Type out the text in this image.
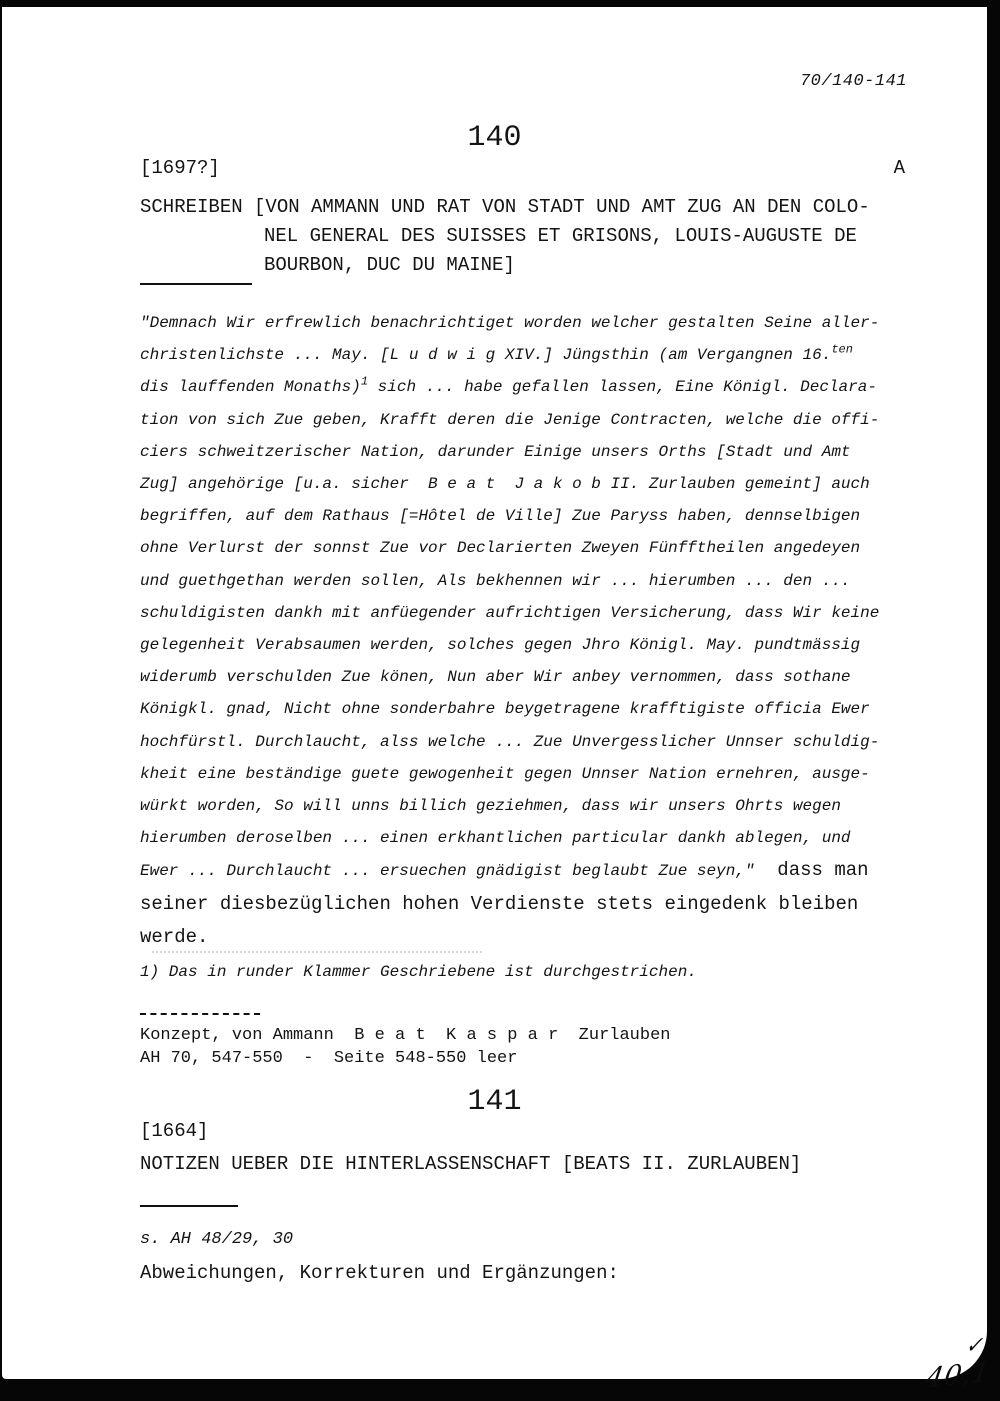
70/140-141
140
[1697?]	A
SCHREIBEN [VON AMMANN UND RAT VON STADT UND AMT ZUG AN DEN COLO-
NEL GENERAL DES SUISSES ET GRISONS, LOUIS-AUGUSTE DE
BOURBON, DUC DU MAINE]
"Demnach Wir erfrewlich benachrichtiget worden welcher gestalten Seine aller-
christenlichste ... May. [L u d w i g XIV.] Jüngsthin (am Vergangnen 16.$^{ten}$
dis lauffenden Monaths)$^1$ sich ... habe gefallen lassen, Eine Königl. Declara-
tion von sich Zue geben, Krafft deren die Jenige Contracten, welche die offi-
ciers schweitzerischer Nation, darunder Einige unsers Orths [Stadt und Amt
Zug] angehörige [u.a. sicher  B e a t  J a k o b II. Zurlauben gemeint] auch
begriffen, auf dem Rathaus [=Hôtel de Ville] Zue Paryss haben, dennselbigen
ohne Verlurst der sonnst Zue vor Declarierten Zweyen Fünfftheilen angedeyen
und guethgethan werden sollen, Als bekhennen wir ... hierumben ... den ...
schuldigisten dankh mit anfüegender aufrichtigen Versicherung, dass Wir keine
gelegenheit Verabsaumen werden, solches gegen Jhro Königl. May. pundtmässig
widerumb verschulden Zue könen, Nun aber Wir anbey vernommen, dass sothane
Königkl. gnad, Nicht ohne sonderbahre beygetragene krafftigiste officia Ewer
hochfürstl. Durchlaucht, alss welche ... Zue Unvergesslicher Unnser schuldig-
kheit eine beständige guete gewogenheit gegen Unnser Nation ernehren, ausge-
würkt worden, So will unns billich geziehmen, dass wir unsers Ohrts wegen
hierumben deroselben ... einen erkhantlichen particular dankh ablegen, und
Ewer ... Durchlaucht ... ersuechen gnädigist beglaubt Zue seyn,"  dass man
seiner diesbezüglichen hohen Verdienste stets eingedenk bleiben
werde.
1) Das in runder Klammer Geschriebene ist durchgestrichen.
Konzept, von Ammann  B e a t  K a s p a r  Zurlauben
AH 70, 547-550  -  Seite 548-550 leer
141
[1664]
NOTIZEN UEBER DIE HINTERLASSENSCHAFT [BEATS II. ZURLAUBEN]
s. AH 48/29, 30
Abweichungen, Korrekturen und Ergänzungen:
✓
40,1
